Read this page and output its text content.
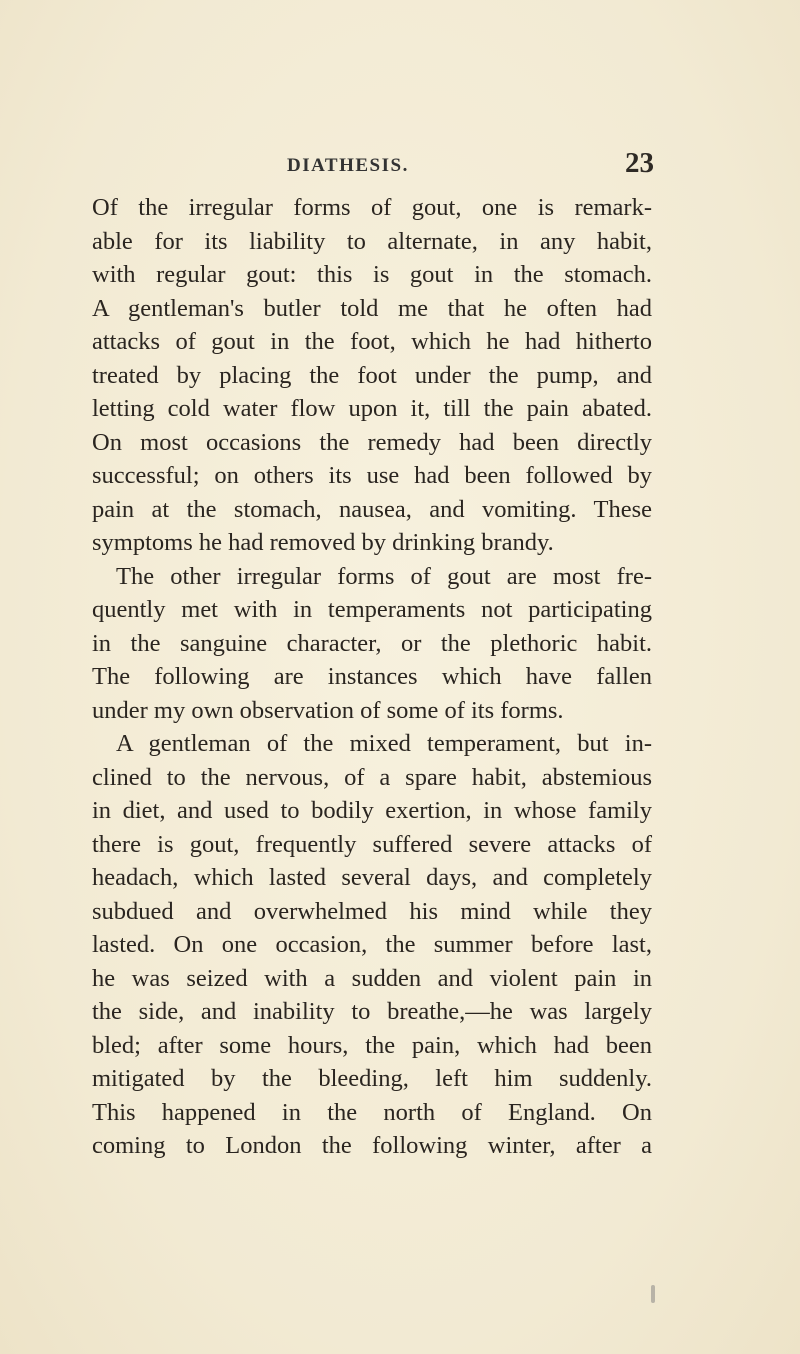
DIATHESIS.	23
Of the irregular forms of gout, one is remark-
able for its liability to alternate, in any habit,
with regular gout: this is gout in the stomach.
A gentleman's butler told me that he often had
attacks of gout in the foot, which he had hitherto
treated by placing the foot under the pump, and
letting cold water flow upon it, till the pain abated.
On most occasions the remedy had been directly
successful; on others its use had been followed by
pain at the stomach, nausea, and vomiting. These
symptoms he had removed by drinking brandy.
The other irregular forms of gout are most fre-
quently met with in temperaments not participating
in the sanguine character, or the plethoric habit.
The following are instances which have fallen
under my own observation of some of its forms.
A gentleman of the mixed temperament, but in-
clined to the nervous, of a spare habit, abstemious
in diet, and used to bodily exertion, in whose family
there is gout, frequently suffered severe attacks of
headach, which lasted several days, and completely
subdued and overwhelmed his mind while they
lasted. On one occasion, the summer before last,
he was seized with a sudden and violent pain in
the side, and inability to breathe,—he was largely
bled; after some hours, the pain, which had been
mitigated by the bleeding, left him suddenly.
This happened in the north of England. On
coming to London the following winter, after a
